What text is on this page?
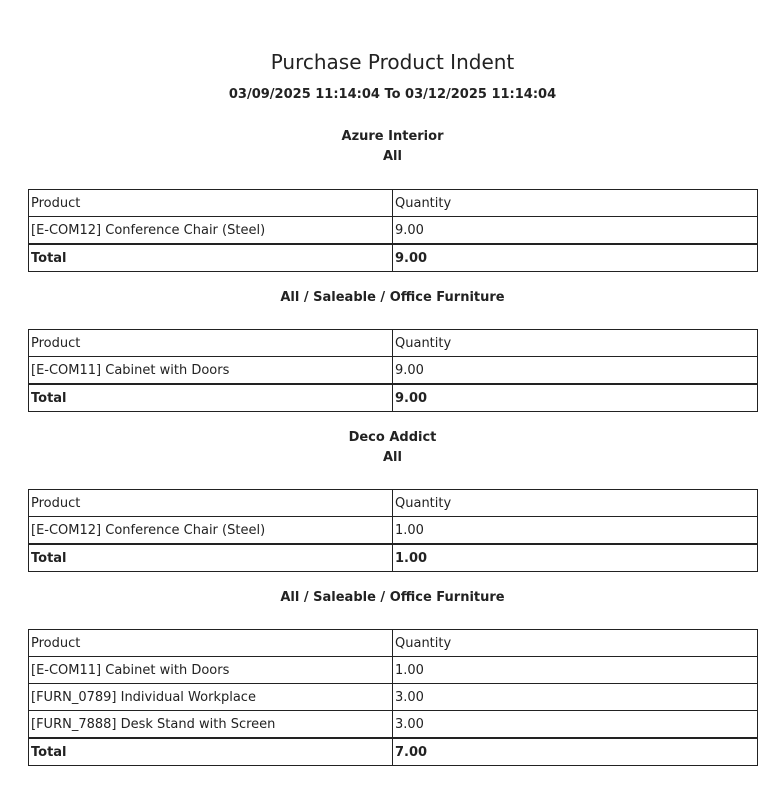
Purchase Product Indent
03/09/2025 11:14:04 To 03/12/2025 11:14:04
Azure Interior
All
Product	Quantity
[E-COM12] Conference Chair (Steel)	9.00
Total	9.00
All / Saleable / Office Furniture
Product	Quantity
[E-COM11] Cabinet with Doors	9.00
Total	9.00
Deco Addict
All
Product	Quantity
[E-COM12] Conference Chair (Steel)	1.00
Total	1.00
All / Saleable / Office Furniture
Product	Quantity
[E-COM11] Cabinet with Doors	1.00
[FURN_0789] Individual Workplace	3.00
[FURN_7888] Desk Stand with Screen	3.00
Total	7.00
